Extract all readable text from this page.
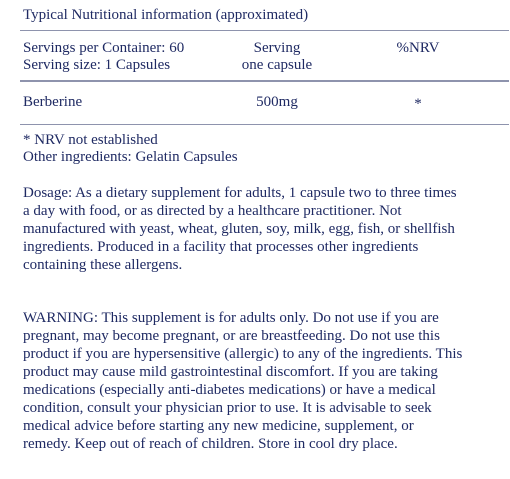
Typical Nutritional information (approximated)
Servings per Container: 60
Serving size: 1 Capsules
Serving
one capsule
%NRV
Berberine	500mg	*
* NRV not established
Other ingredients: Gelatin Capsules
Dosage: As a dietary supplement for adults, 1 capsule two to three times
a day with food, or as directed by a healthcare practitioner. Not
manufactured with yeast, wheat, gluten, soy, milk, egg, fish, or shellfish
ingredients. Produced in a facility that processes other ingredients
containing these allergens.
WARNING: This supplement is for adults only. Do not use if you are
pregnant, may become pregnant, or are breastfeeding. Do not use this
product if you are hypersensitive (allergic) to any of the ingredients. This
product may cause mild gastrointestinal discomfort. If you are taking
medications (especially anti-diabetes medications) or have a medical
condition, consult your physician prior to use. It is advisable to seek
medical advice before starting any new medicine, supplement, or
remedy. Keep out of reach of children. Store in cool dry place.
